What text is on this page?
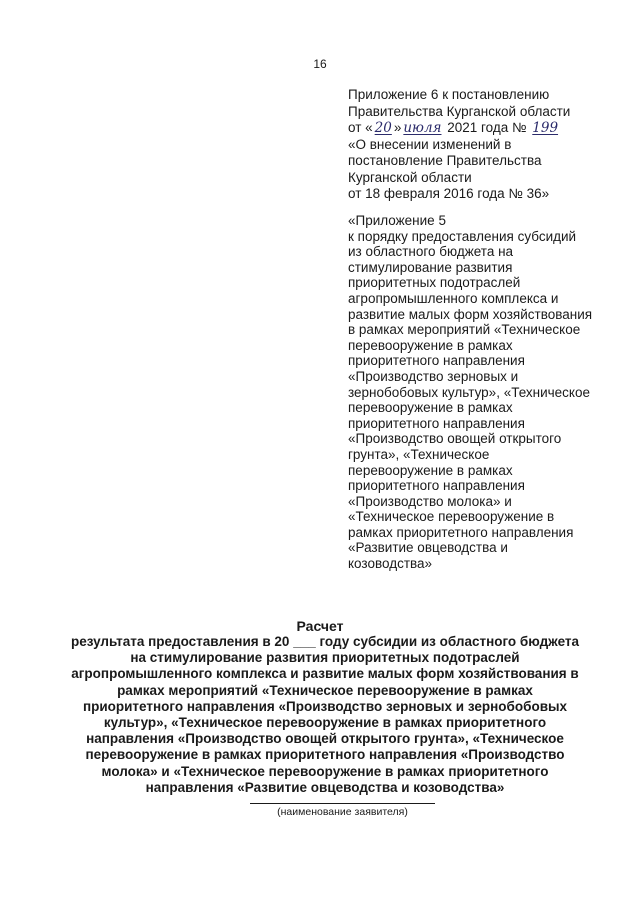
16
Приложение 6 к постановлению
Правительства Курганской области
от « 20 » июля 2021 года № 199
«О внесении изменений в
постановление Правительства
Курганской области
от 18 февраля 2016 года № 36»
«Приложение 5
к порядку предоставления субсидий
из областного бюджета на
стимулирование развития
приоритетных подотраслей
агропромышленного комплекса и
развитие малых форм хозяйствования
в рамках мероприятий «Техническое
перевооружение в рамках
приоритетного направления
«Производство зерновых и
зернобобовых культур», «Техническое
перевооружение в рамках
приоритетного направления
«Производство овощей открытого
грунта», «Техническое
перевооружение в рамках
приоритетного направления
«Производство молока» и
«Техническое перевооружение в
рамках приоритетного направления
«Развитие овцеводства и
козоводства»
Расчет
результата предоставления в 20 ___ году субсидии из областного бюджета
на стимулирование развития приоритетных подотраслей
агропромышленного комплекса и развитие малых форм хозяйствования в
рамках мероприятий «Техническое перевооружение в рамках
приоритетного направления «Производство зерновых и зернобобовых
культур», «Техническое перевооружение в рамках приоритетного
направления «Производство овощей открытого грунта», «Техническое
перевооружение в рамках приоритетного направления «Производство
молока» и «Техническое перевооружение в рамках приоритетного
направления «Развитие овцеводства и козоводства»
(наименование заявителя)
